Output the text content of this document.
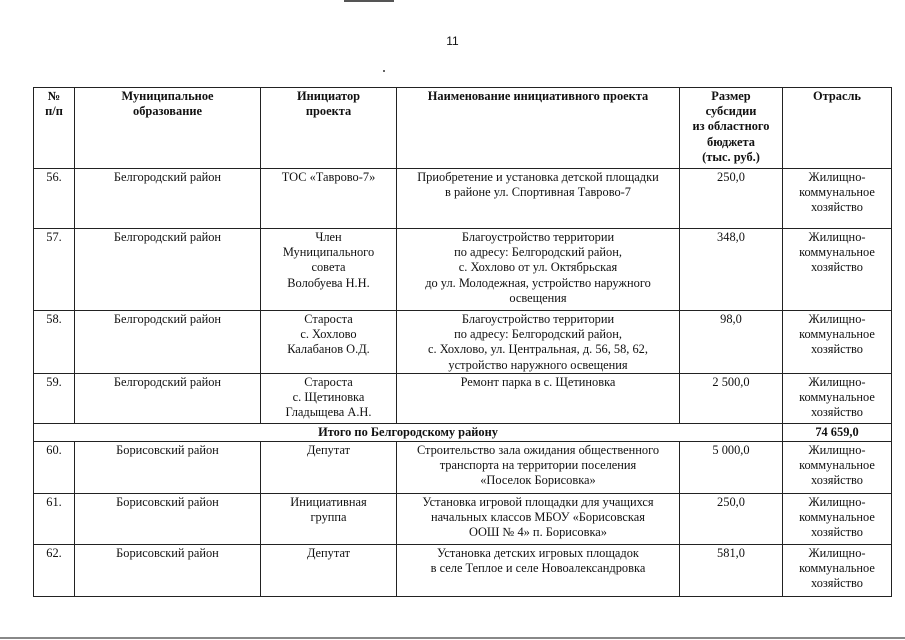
11
№
п/п	Муниципальное
образование	Инициатор
проекта	Наименование инициативного проекта	Размер
субсидии
из областного
бюджета
(тыс. руб.)	Отрасль

56.	Белгородский район	ТОС «Таврово-7»	Приобретение и установка детской площадки
в районе ул. Спортивная Таврово-7	250,0	Жилищно-
коммунальное
хозяйство

57.	Белгородский район	Член
Муниципального
совета
Волобуева Н.Н.	Благоустройство территории
по адресу: Белгородский район,
с. Хохлово от ул. Октябрьская
до ул. Молодежная, устройство наружного
освещения	348,0	Жилищно-
коммунальное
хозяйство

58.	Белгородский район	Староста
с. Хохлово
Калабанов О.Д.	Благоустройство территории
по адресу: Белгородский район,
с. Хохлово, ул. Центральная, д. 56, 58, 62,
устройство наружного освещения	98,0	Жилищно-
коммунальное
хозяйство

59.	Белгородский район	Староста
с. Щетиновка
Гладыщева А.Н.	Ремонт парка в с. Щетиновка	2 500,0	Жилищно-
коммунальное
хозяйство

Итого по Белгородскому району					74 659,0

60.	Борисовский район	Депутат	Строительство зала ожидания общественного
транспорта на территории поселения
«Поселок Борисовка»	5 000,0	Жилищно-
коммунальное
хозяйство

61.	Борисовский район	Инициативная
группа	Установка игровой площадки для учащихся
начальных классов МБОУ «Борисовская
ООШ № 4» п. Борисовка»	250,0	Жилищно-
коммунальное
хозяйство

62.	Борисовский район	Депутат	Установка детских игровых площадок
в селе Теплое и селе Новоалександровка	581,0	Жилищно-
коммунальное
хозяйство
